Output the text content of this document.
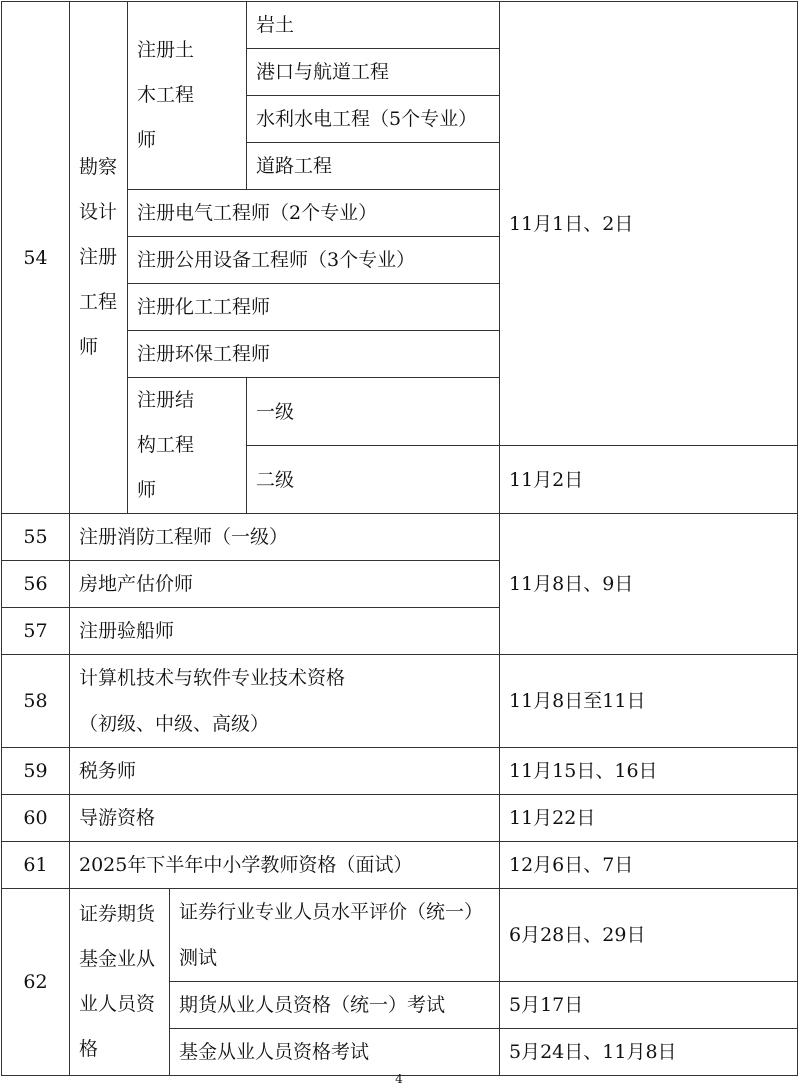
54	勘察设计注册工程师	注册土木工程师		岩土	11月1日、2日
				港口与航道工程	
				水利水电工程（5个专业）	
				道路工程	
		注册电气工程师（2个专业）			
		注册公用设备工程师（3个专业）			
		注册化工工程师			
		注册环保工程师			

		注册结构工程师		一级	
				二级	11月2日
55	注册消防工程师（一级）				11月8日、9日
56	房地产估价师				
57	注册验船师				
58	计算机技术与软件专业技术资格
（初级、中级、高级）				11月8日至11日
59	税务师				11月15日、16日
60	导游资格				11月22日
61	2025年下半年中小学教师资格（面试）				12月6日、7日
62	证券期货基金业从业人员资格		证券行业专业人员水平评价（统一）测试		6月28日、29日
			期货从业人员资格（统一）考试		5月17日
			基金从业人员资格考试		5月24日、11月8日
4
